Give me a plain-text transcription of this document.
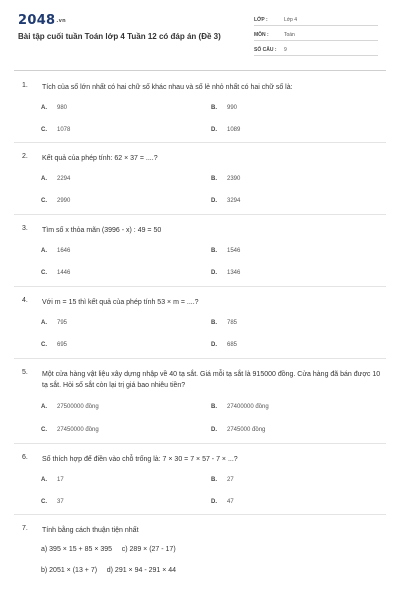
2048.vn
Bài tập cuối tuần Toán lớp 4 Tuần 12 có đáp án (Đề 3)
LỚP :	Lớp 4
MÔN :	Toán
SỐ CÂU : 9
1. Tích của số lớn nhất có hai chữ số khác nhau và số lẻ nhỏ nhất có hai chữ số là:
A. 980	B. 990
C. 1078	D. 1089
2. Kết quả của phép tính: 62 × 37 = ....?
A. 2294	B. 2390
C. 2990	D. 3294
3. Tìm số x thỏa mãn (3996 - x) : 49 = 50
A. 1646	B. 1546
C. 1446	D. 1346
4. Với m = 15 thì kết quả của phép tính 53 × m = ....?
A. 795	B. 785
C. 695	D. 685
5. Một cửa hàng vật liệu xây dựng nhập về 40 tạ sắt. Giá mỗi tạ sắt là 915000 đồng. Cửa hàng đã bán được 10 tạ sắt. Hỏi số sắt còn lại trị giá bao nhiêu tiền?
A. 27500000 đồng	B. 27400000 đồng
C. 27450000 đồng	D. 2745000 đồng
6. Số thích hợp để điền vào chỗ trống là: 7 × 30 = 7 × 57 - 7 × ...?
A. 17	B. 27
C. 37	D. 47
7. Tính bằng cách thuận tiện nhất
a) 395 × 15 + 85 × 395     c) 289 × (27 - 17)
b) 2051 × (13 + 7)     d) 291 × 94 - 291 × 44
